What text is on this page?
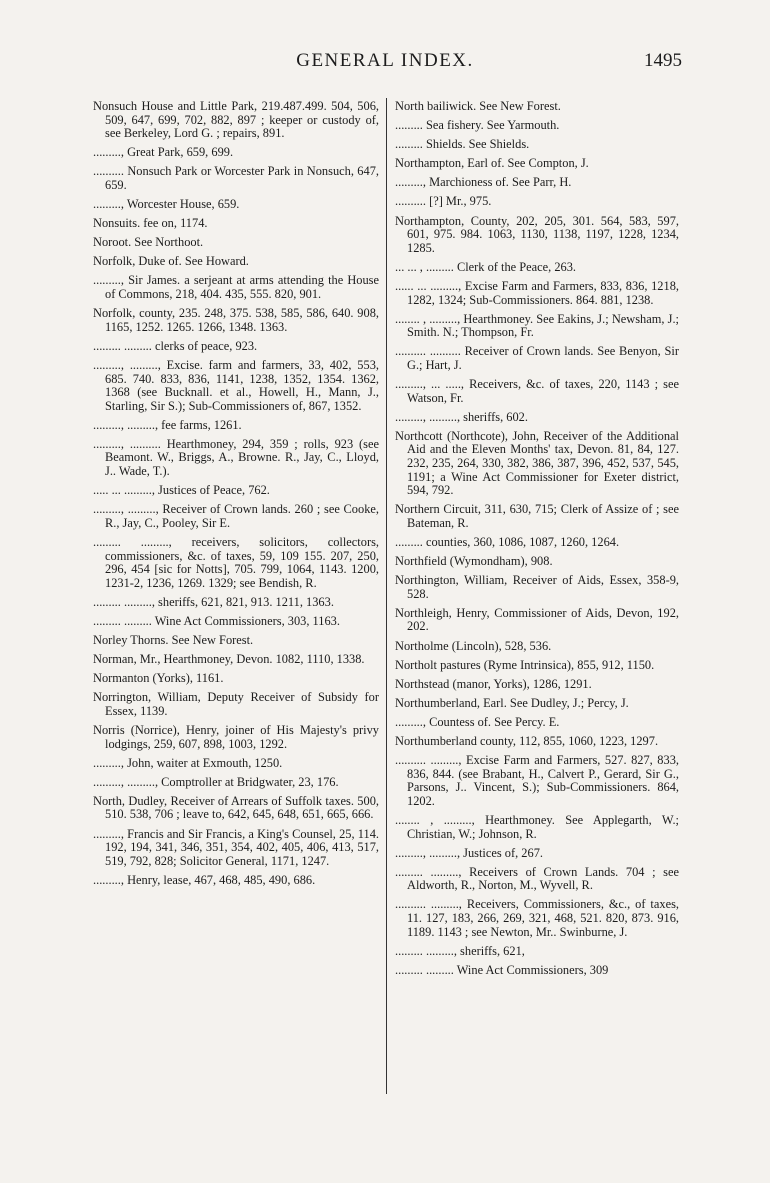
GENERAL INDEX.	1495
Nonsuch House and Little Park, 219.487.499. 504, 506, 509, 647, 699, 702, 882, 897 ; keeper or custody of, see Berkeley, Lord G. ; repairs, 891.
........., Great Park, 659, 699.
.......... Nonsuch Park or Worcester Park in Nonsuch, 647, 659.
........., Worcester House, 659.
Nonsuits. fee on, 1174.
Noroot. See Northoot.
Norfolk, Duke of. See Howard.
........., Sir James. a serjeant at arms attending the House of Commons, 218, 404. 435, 555. 820, 901.
Norfolk, county, 235. 248, 375. 538, 585, 586, 640. 908, 1165, 1252. 1265. 1266, 1348. 1363.
......... ......... clerks of peace, 923.
........., ........., Excise. farm and farmers, 33, 402, 553, 685. 740. 833, 836, 1141, 1238, 1352, 1354. 1362, 1368 (see Bucknall. et al., Howell, H., Mann, J., Starling, Sir S.); Sub-Commissioners of, 867, 1352.
........., ........., fee farms, 1261.
........., .......... Hearthmoney, 294, 359 ; rolls, 923 (see Beamont. W., Briggs, A., Browne. R., Jay, C., Lloyd, J.. Wade, T.).
..... ... ........., Justices of Peace, 762.
........., ........., Receiver of Crown lands. 260 ; see Cooke, R., Jay, C., Pooley, Sir E.
......... ........., receivers, solicitors, collectors, commissioners, &c. of taxes, 59, 109 155. 207, 250, 296, 454 [sic for Notts], 705. 799, 1064, 1143. 1200, 1231-2, 1236, 1269. 1329; see Bendish, R.
......... ........., sheriffs, 621, 821, 913. 1211, 1363.
......... ......... Wine Act Commissioners, 303, 1163.
Norley Thorns. See New Forest.
Norman, Mr., Hearthmoney, Devon. 1082, 1110, 1338.
Normanton (Yorks), 1161.
Norrington, William, Deputy Receiver of Subsidy for Essex, 1139.
Norris (Norrice), Henry, joiner of His Majesty's privy lodgings, 259, 607, 898, 1003, 1292.
........., John, waiter at Exmouth, 1250.
........., ........., Comptroller at Bridgwater, 23, 176.
North, Dudley, Receiver of Arrears of Suffolk taxes. 500, 510. 538, 706 ; leave to, 642, 645, 648, 651, 665, 666.
........., Francis and Sir Francis, a King's Counsel, 25, 114. 192, 194, 341, 346, 351, 354, 402, 405, 406, 413, 517, 519, 792, 828; Solicitor General, 1171, 1247.
........., Henry, lease, 467, 468, 485, 490, 686.
North bailiwick. See New Forest.
......... Sea fishery. See Yarmouth.
......... Shields. See Shields.
Northampton, Earl of. See Compton, J.
........., Marchioness of. See Parr, H.
.......... [?] Mr., 975.
Northampton, County, 202, 205, 301. 564, 583, 597, 601, 975. 984. 1063, 1130, 1138, 1197, 1228, 1234, 1285.
... ... , ......... Clerk of the Peace, 263.
...... ... ........., Excise Farm and Farmers, 833, 836, 1218, 1282, 1324; Sub-Commissioners. 864. 881, 1238.
........ , ........., Hearthmoney. See Eakins, J.; Newsham, J.; Smith. N.; Thompson, Fr.
.......... .......... Receiver of Crown lands. See Benyon, Sir G.; Hart, J.
........., ... ....., Receivers, &c. of taxes, 220, 1143 ; see Watson, Fr.
........., ........., sheriffs, 602.
Northcott (Northcote), John, Receiver of the Additional Aid and the Eleven Months' tax, Devon. 81, 84, 127. 232, 235, 264, 330, 382, 386, 387, 396, 452, 537, 545, 1191; a Wine Act Commissioner for Exeter district, 594, 792.
Northern Circuit, 311, 630, 715; Clerk of Assize of ; see Bateman, R.
......... counties, 360, 1086, 1087, 1260, 1264.
Northfield (Wymondham), 908.
Northington, William, Receiver of Aids, Essex, 358-9, 528.
Northleigh, Henry, Commissioner of Aids, Devon, 192, 202.
Northolme (Lincoln), 528, 536.
Northolt pastures (Ryme Intrinsica), 855, 912, 1150.
Northstead (manor, Yorks), 1286, 1291.
Northumberland, Earl. See Dudley, J.; Percy, J.
........., Countess of. See Percy. E.
Northumberland county, 112, 855, 1060, 1223, 1297.
.......... ........., Excise Farm and Farmers, 527. 827, 833, 836, 844. (see Brabant, H., Calvert P., Gerard, Sir G., Parsons, J.. Vincent, S.); Sub-Commissioners. 864, 1202.
........ , ........., Hearthmoney. See Applegarth, W.; Christian, W.; Johnson, R.
........., ........., Justices of, 267.
......... ........., Receivers of Crown Lands. 704 ; see Aldworth, R., Norton, M., Wyvell, R.
.......... ........., Receivers, Commissioners, &c., of taxes, 11. 127, 183, 266, 269, 321, 468, 521. 820, 873. 916, 1189. 1143 ; see Newton, Mr.. Swinburne, J.
......... ........., sheriffs, 621,
......... ......... Wine Act Commissioners, 309
